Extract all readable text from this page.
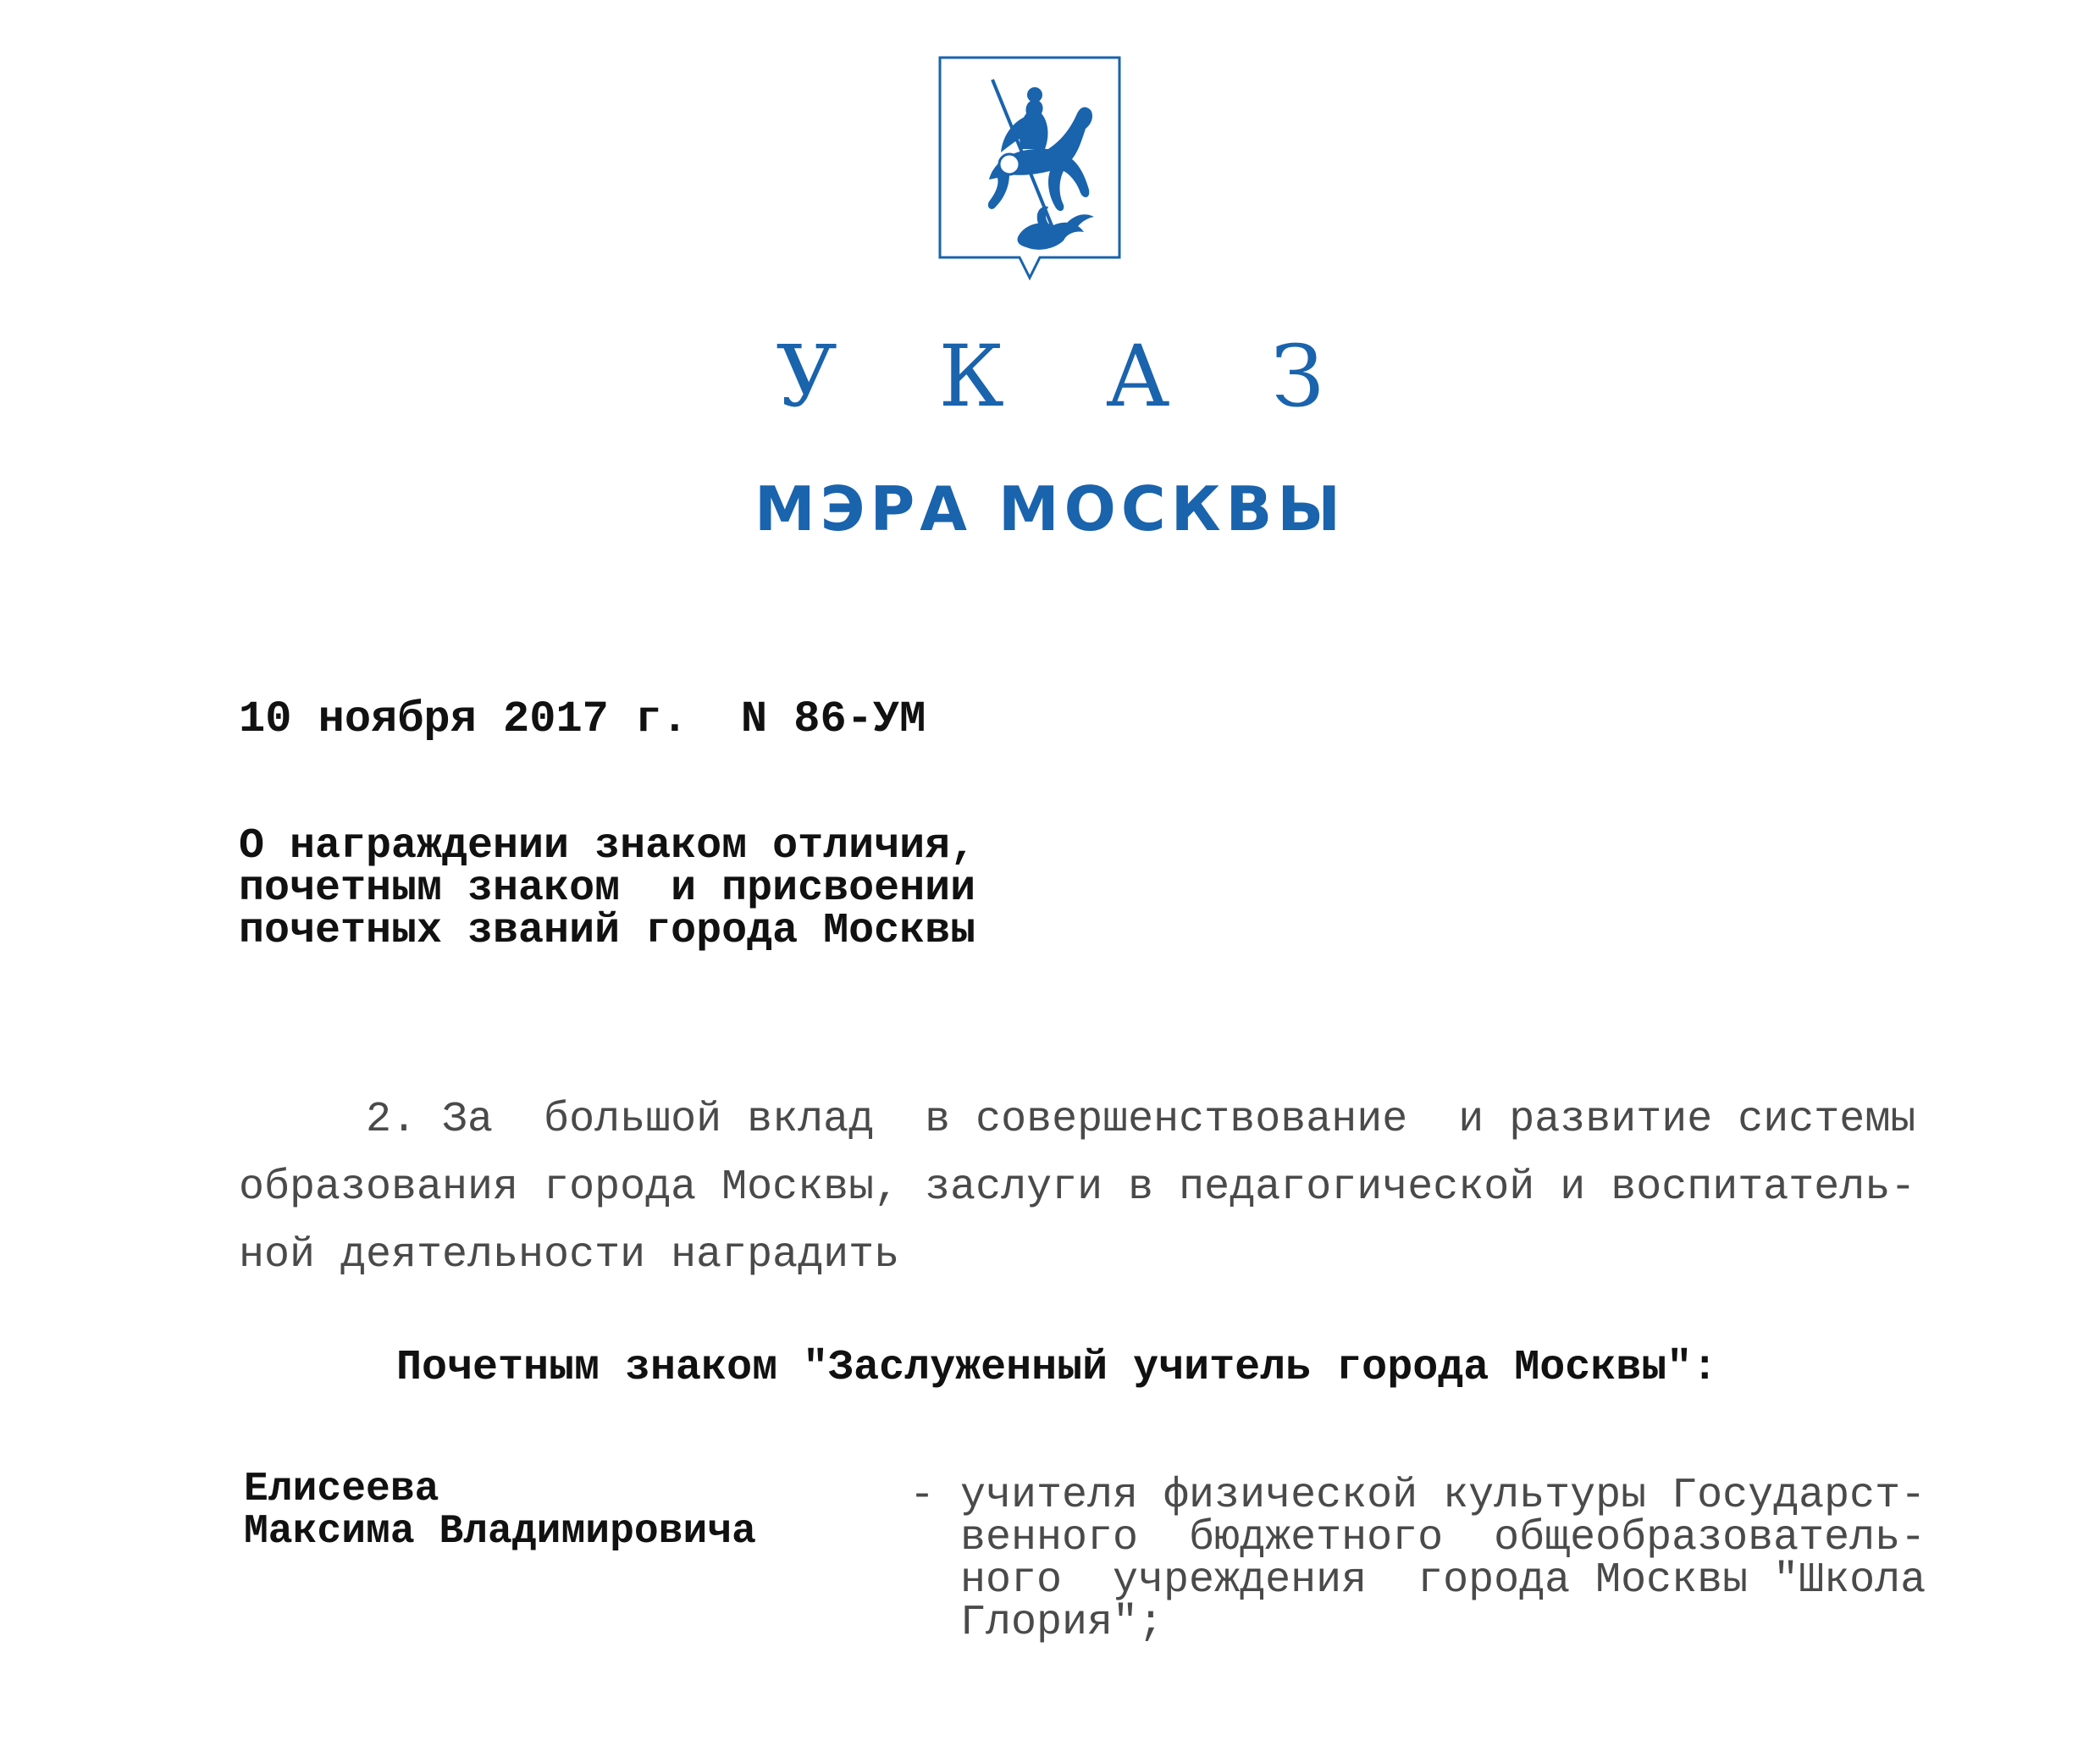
У К А З
МЭРА МОСКВЫ
10 ноября 2017 г.  N 86-УМ
О награждении знаком отличия,
почетным знаком  и присвоении
почетных званий города Москвы
2. За  большой вклад  в совершенствование  и развитие системы
образования города Москвы, заслуги в педагогической и воспитатель-
ной деятельности наградить
Почетным знаком "Заслуженный учитель города Москвы":
Елисеева
Максима Владимировича
- учителя физической культуры Государст-
венного  бюджетного  общеобразователь-
ного  учреждения  города Москвы "Школа
Глория";
